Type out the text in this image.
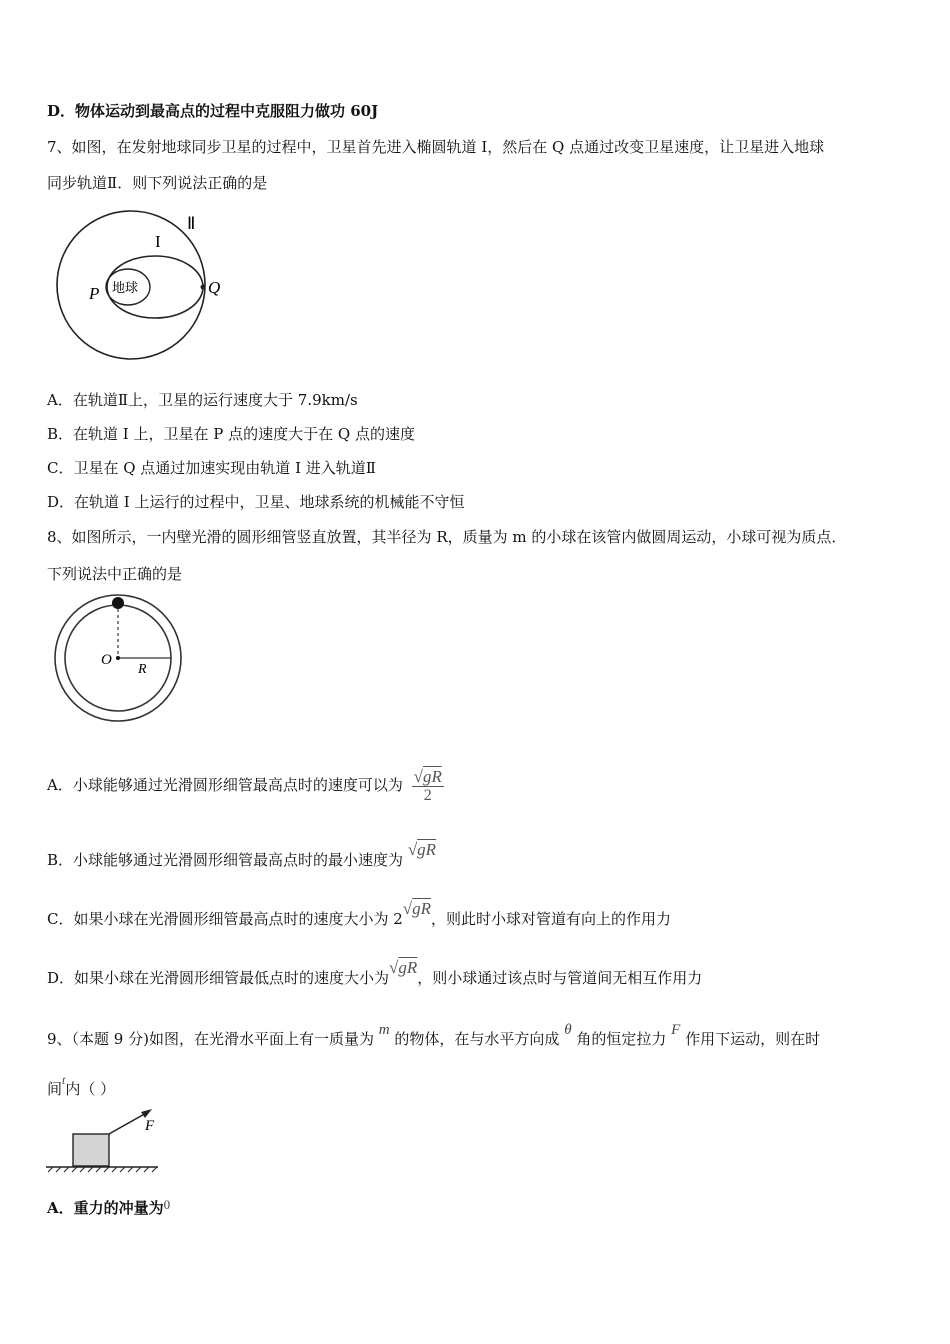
D．物体运动到最高点的过程中克服阻力做功 60J
7、如图，在发射地球同步卫星的过程中，卫星首先进入椭圆轨道 I，然后在 Q 点通过改变卫星速度，让卫星进入地球
同步轨道Ⅱ．则下列说法正确的是
地球
P	Q
I
Ⅱ
A．在轨道Ⅱ上，卫星的运行速度大于 7.9km/s
B．在轨道 I 上，卫星在 P 点的速度大于在 Q 点的速度
C．卫星在 Q 点通过加速实现由轨道 I 进入轨道Ⅱ
D．在轨道 I 上运行的过程中，卫星、地球系统的机械能不守恒
8、如图所示，一内壁光滑的圆形细管竖直放置，其半径为 R，质量为 m 的小球在该管内做圆周运动，小球可视为质点．
下列说法中正确的是
O
R
A．小球能够通过光滑圆形细管最高点时的速度可以为 $\frac{√gR}{2}$
B．小球能够通过光滑圆形细管最高点时的最小速度为 √gR
C．如果小球在光滑圆形细管最高点时的速度大小为 2√gR，则此时小球对管道有向上的作用力
D．如果小球在光滑圆形细管最低点时的速度大小为√gR，则小球通过该点时与管道间无相互作用力
9、（本题 9 分)如图，在光滑水平面上有一质量为 m 的物体，在与水平方向成 θ 角的恒定拉力 F 作用下运动，则在时
间$^t$内（ ）
F
A．重力的冲量为0
